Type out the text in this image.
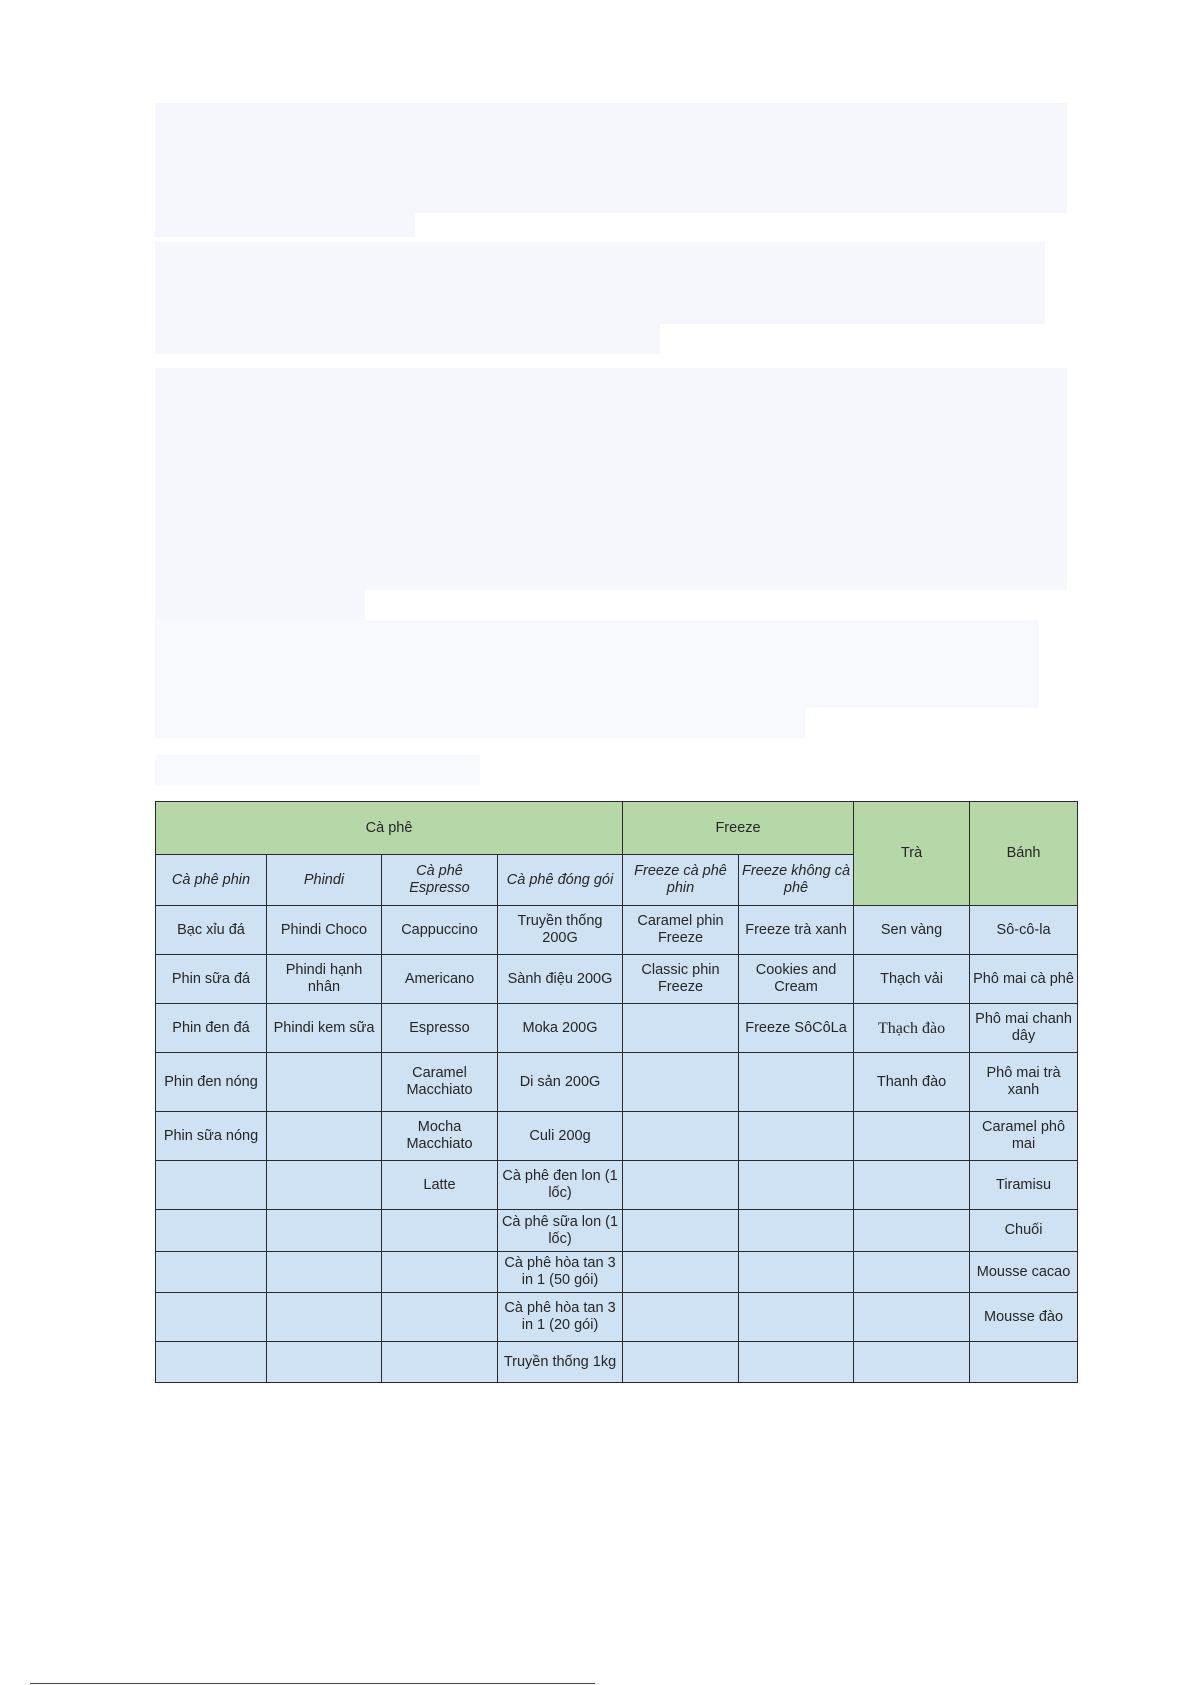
Cà phê				Freeze		Trà	Bánh
Cà phê phin	Phindi	Cà phê Espresso	Cà phê đóng gói	Freeze cà phê phin	Freeze không cà phê		
Bạc xỉu đá	Phindi Choco	Cappuccino	Truyền thống 200G	Caramel phin Freeze	Freeze trà xanh	Sen vàng	Sô-cô-la
Phin sữa đá	Phindi hạnh nhân	Americano	Sành điệu 200G	Classic phin Freeze	Cookies and Cream	Thạch vải	Phô mai cà phê
Phin đen đá	Phindi kem sữa	Espresso	Moka 200G		Freeze SôCôLa	Thạch đào	Phô mai chanh dây
Phin đen nóng		Caramel Macchiato	Di sản 200G			Thanh đào	Phô mai trà xanh
Phin sữa nóng		Mocha Macchiato	Culi 200g				Caramel phô mai
		Latte	Cà phê đen lon (1 lốc)				Tiramisu
			Cà phê sữa lon (1 lốc)				Chuối
			Cà phê hòa tan 3 in 1 (50 gói)				Mousse cacao
			Cà phê hòa tan 3 in 1 (20 gói)				Mousse đào
			Truyền thống 1kg				
